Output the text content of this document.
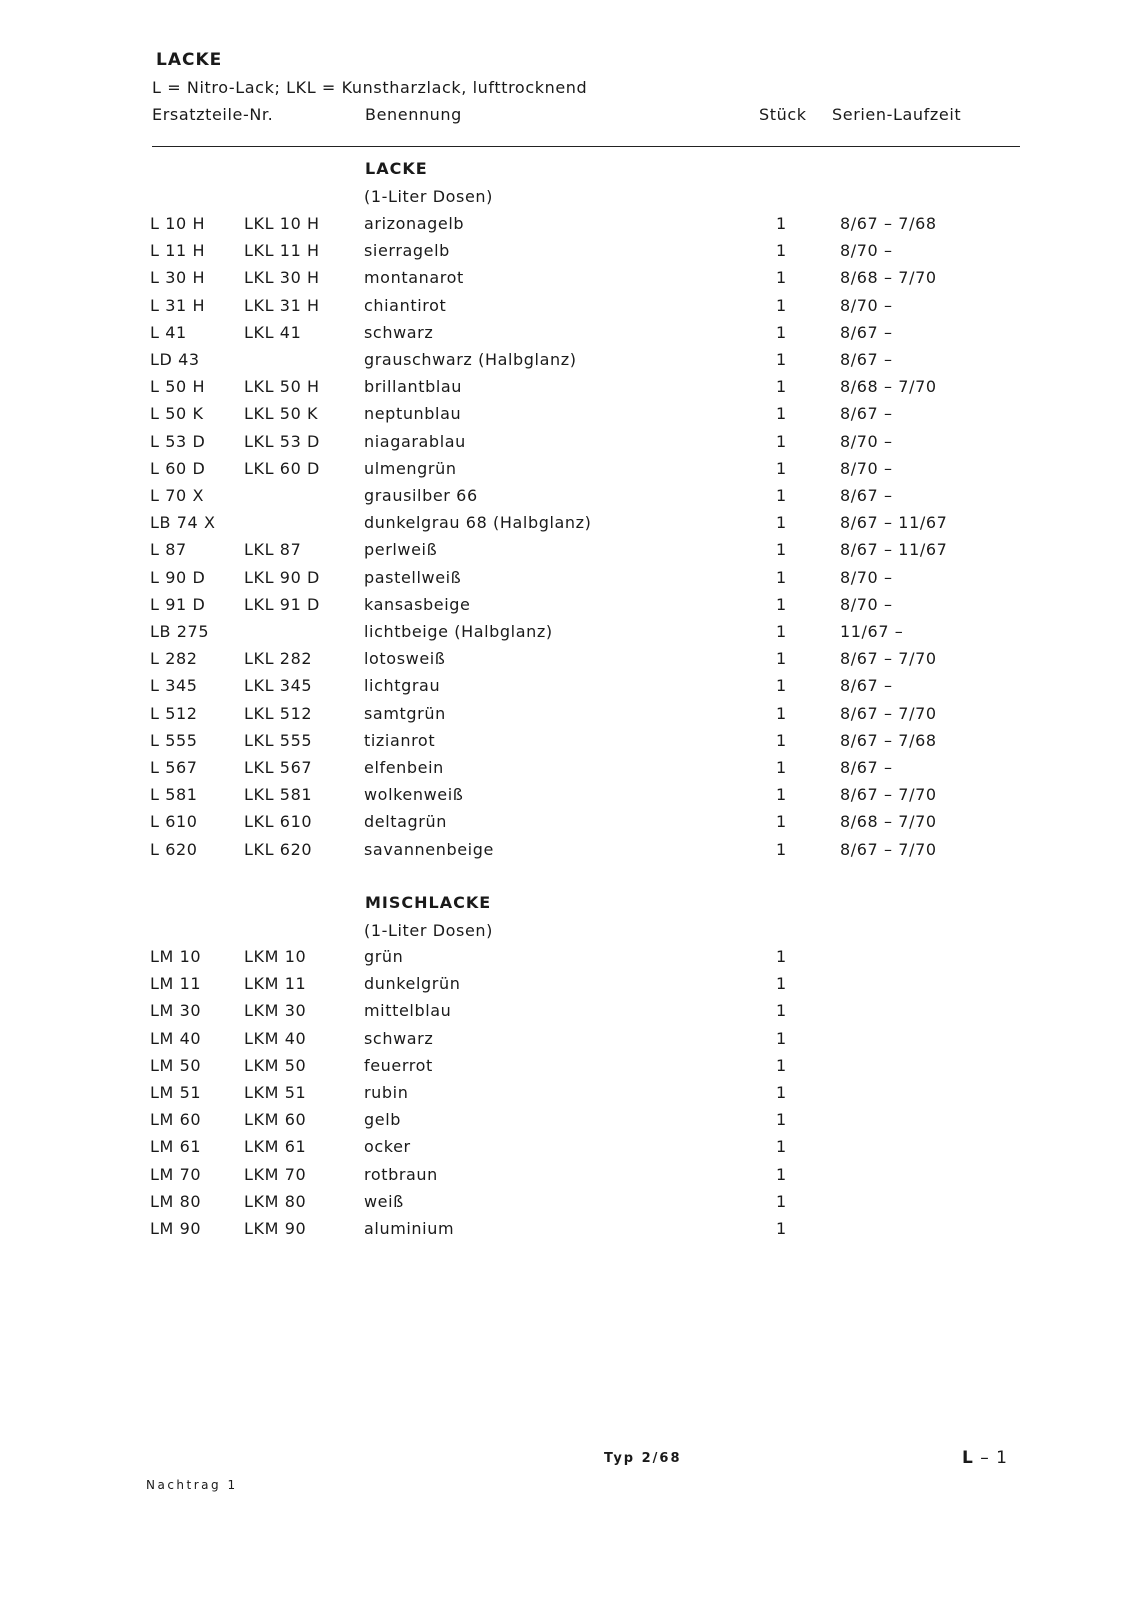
LACKE
L = Nitro-Lack; LKL = Kunstharzlack, lufttrocknend
Ersatzteile-Nr.	Benennung	Stück Serien-Laufzeit
LACKE
(1-Liter Dosen)
L 10 H LKL 10 H	arizonagelb	1	8/67 – 7/68
L 11 H LKL 11 H	sierragelb	1	8/70 –
L 30 H LKL 30 H	montanarot	1	8/68 – 7/70
L 31 H LKL 31 H	chiantirot	1	8/70 –
L 41	LKL 41	schwarz	1	8/67 –
LD 43	grauschwarz (Halbglanz)	1	8/67 –
L 50 H LKL 50 H	brillantblau	1	8/68 – 7/70
L 50 K	LKL 50 K	neptunblau	1	8/67 –
L 53 D LKL 53 D	niagarablau	1	8/70 –
L 60 D LKL 60 D	ulmengrün	1	8/70 –
L 70 X	grausilber 66	1	8/67 –
LB 74 X	dunkelgrau 68 (Halbglanz)	1	8/67 – 11/67
L 87	LKL 87	perlweiß	1	8/67 – 11/67
L 90 D LKL 90 D	pastellweiß	1	8/70 –
L 91 D LKL 91 D	kansasbeige	1	8/70 –
LB 275	lichtbeige (Halbglanz)	1	11/67 –
L 282	LKL 282	lotosweiß	1	8/67 – 7/70
L 345	LKL 345	lichtgrau	1	8/67 –
L 512	LKL 512	samtgrün	1	8/67 – 7/70
L 555	LKL 555	tizianrot	1	8/67 – 7/68
L 567	LKL 567	elfenbein	1	8/67 –
L 581	LKL 581	wolkenweiß	1	8/67 – 7/70
L 610	LKL 610	deltagrün	1	8/68 – 7/70
L 620	LKL 620	savannenbeige	1	8/67 – 7/70
MISCHLACKE
(1-Liter Dosen)
LM 10	LKM 10	grün	1
LM 11	LKM 11	dunkelgrün	1
LM 30	LKM 30	mittelblau	1
LM 40	LKM 40	schwarz	1
LM 50	LKM 50	feuerrot	1
LM 51	LKM 51	rubin	1
LM 60	LKM 60	gelb	1
LM 61	LKM 61	ocker	1
LM 70	LKM 70	rotbraun	1
LM 80	LKM 80	weiß	1
LM 90	LKM 90	aluminium	1
Typ 2/68	L – 1
Nachtrag 1
